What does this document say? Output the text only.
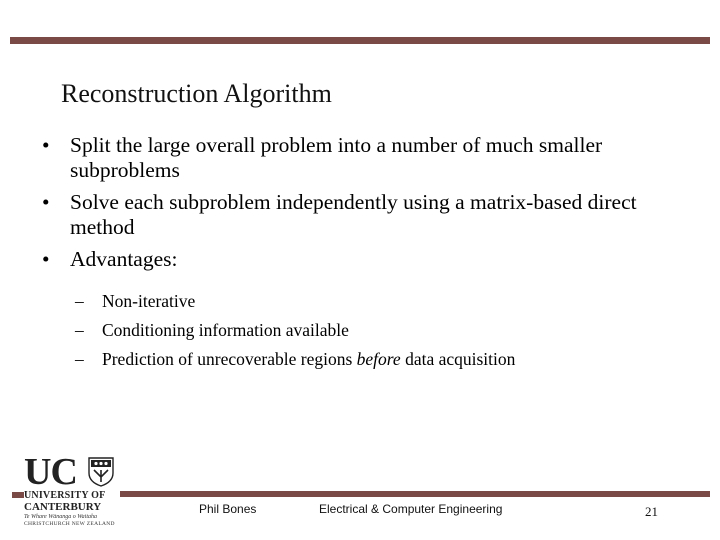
Reconstruction Algorithm
• Split the large overall problem into a number of much smaller subproblems
• Solve each subproblem independently using a matrix-based direct method
• Advantages:
– Non-iterative
– Conditioning information available
– Prediction of unrecoverable regions before data acquisition
UC
UNIVERSITY OF
CANTERBURY
Te Whare Wānanga o Waitaha
CHRISTCHURCH NEW ZEALAND
Phil Bones	Electrical & Computer Engineering	21
